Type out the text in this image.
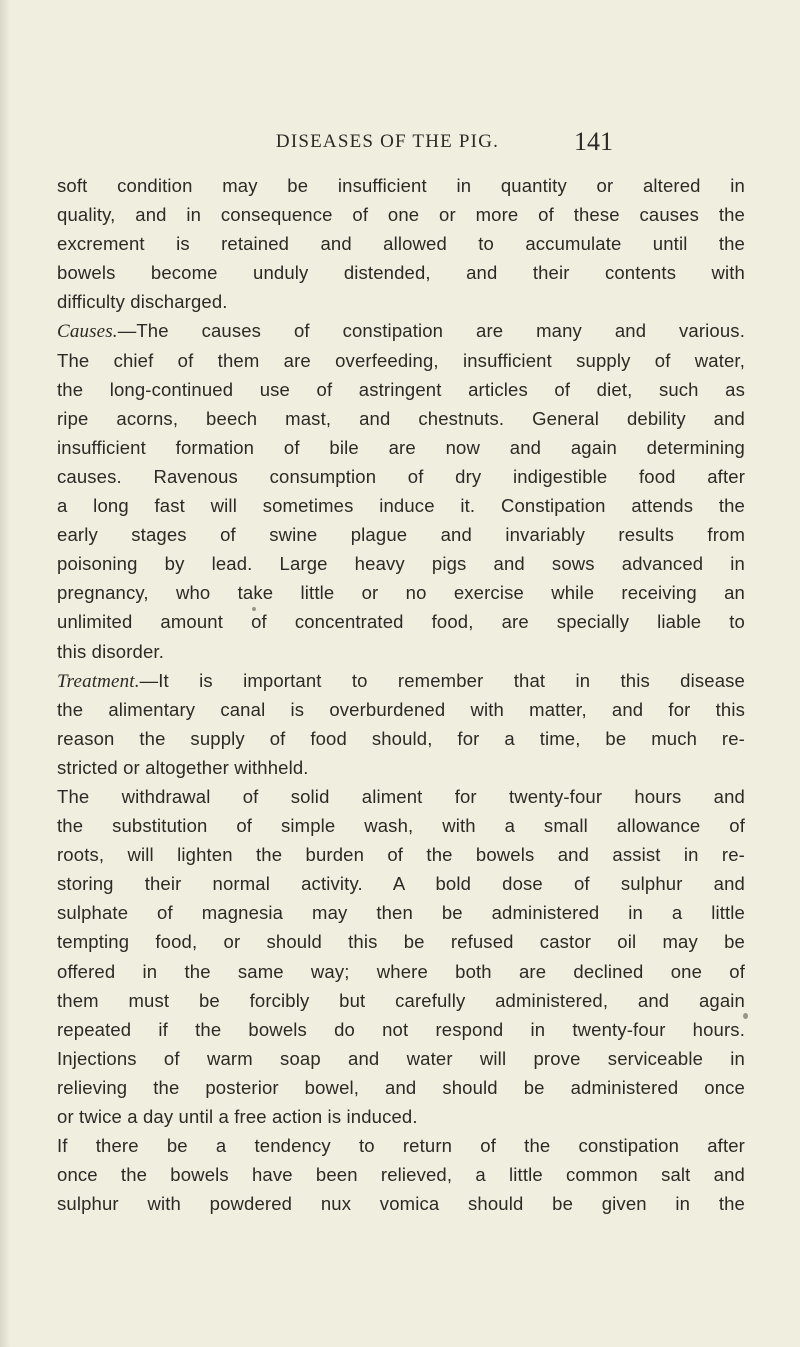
DISEASES OF THE PIG.	141
soft condition may be insufficient in quantity or altered in
quality, and in consequence of one or more of these causes the
excrement is retained and allowed to accumulate until the
bowels become unduly distended, and their contents with
difficulty discharged.
Causes.—The causes of constipation are many and various.
The chief of them are overfeeding, insufficient supply of water,
the long-continued use of astringent articles of diet, such as
ripe acorns, beech mast, and chestnuts. General debility and
insufficient formation of bile are now and again determining
causes. Ravenous consumption of dry indigestible food after
a long fast will sometimes induce it. Constipation attends the
early stages of swine plague and invariably results from
poisoning by lead. Large heavy pigs and sows advanced in
pregnancy, who take little or no exercise while receiving an
unlimited amount of concentrated food, are specially liable to
this disorder.
Treatment.—It is important to remember that in this disease
the alimentary canal is overburdened with matter, and for this
reason the supply of food should, for a time, be much re-
stricted or altogether withheld.
The withdrawal of solid aliment for twenty-four hours and
the substitution of simple wash, with a small allowance of
roots, will lighten the burden of the bowels and assist in re-
storing their normal activity. A bold dose of sulphur and
sulphate of magnesia may then be administered in a little
tempting food, or should this be refused castor oil may be
offered in the same way; where both are declined one of
them must be forcibly but carefully administered, and again
repeated if the bowels do not respond in twenty-four hours.
Injections of warm soap and water will prove serviceable in
relieving the posterior bowel, and should be administered once
or twice a day until a free action is induced.
If there be a tendency to return of the constipation after
once the bowels have been relieved, a little common salt and
sulphur with powdered nux vomica should be given in the
